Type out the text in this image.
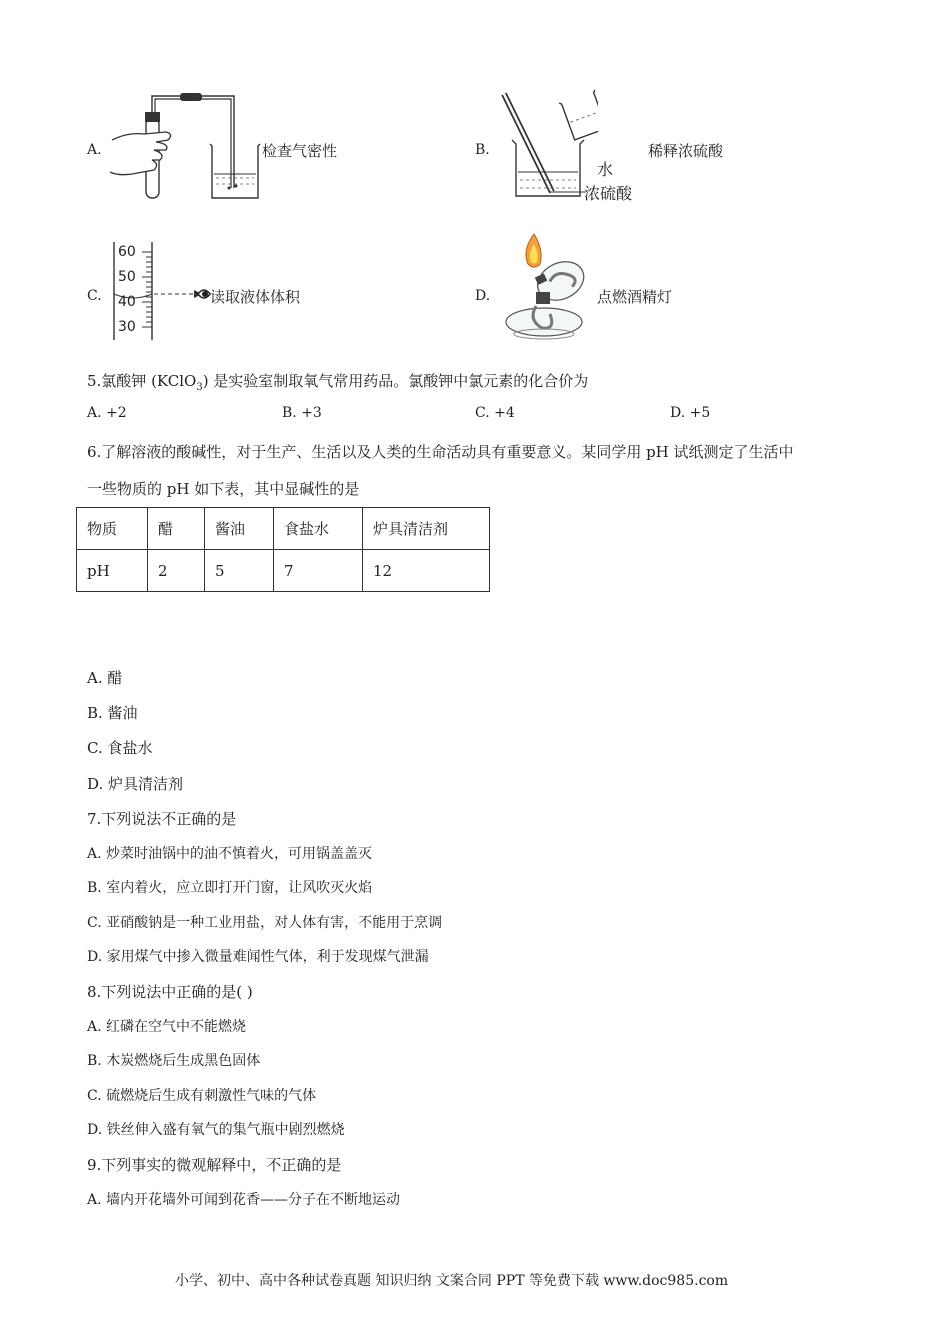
A.	检查气密性	B.
水
浓硫酸
稀释浓硫酸
C.
60
50
40
30
读取液体体积	D.	点燃酒精灯
5.氯酸钾 (KClO$_3$) 是实验室制取氧气常用药品。氯酸钾中氯元素的化合价为
A. +2	B. +3	C. +4	D. +5
6.了解溶液的酸碱性，对于生产、生活以及人类的生命活动具有重要意义。某同学用 pH 试纸测定了生活中
一些物质的 pH 如下表，其中显碱性的是
物质	醋	酱油	食盐水	炉具清洁剂
pH	2	5	7	12
A. 醋
B. 酱油
C. 食盐水
D. 炉具清洁剂
7.下列说法不正确的是
A. 炒菜时油锅中的油不慎着火，可用锅盖盖灭
B. 室内着火，应立即打开门窗，让风吹灭火焰
C. 亚硝酸钠是一种工业用盐，对人体有害，不能用于烹调
D. 家用煤气中掺入微量难闻性气体，利于发现煤气泄漏
8.下列说法中正确的是( )
A. 红磷在空气中不能燃烧
B. 木炭燃烧后生成黑色固体
C. 硫燃烧后生成有刺激性气味的气体
D. 铁丝伸入盛有氧气的集气瓶中剧烈燃烧
9.下列事实的微观解释中，不正确的是
A. 墙内开花墙外可闻到花香——分子在不断地运动
小学、初中、高中各种试卷真题 知识归纳 文案合同 PPT 等免费下载 www.doc985.com
